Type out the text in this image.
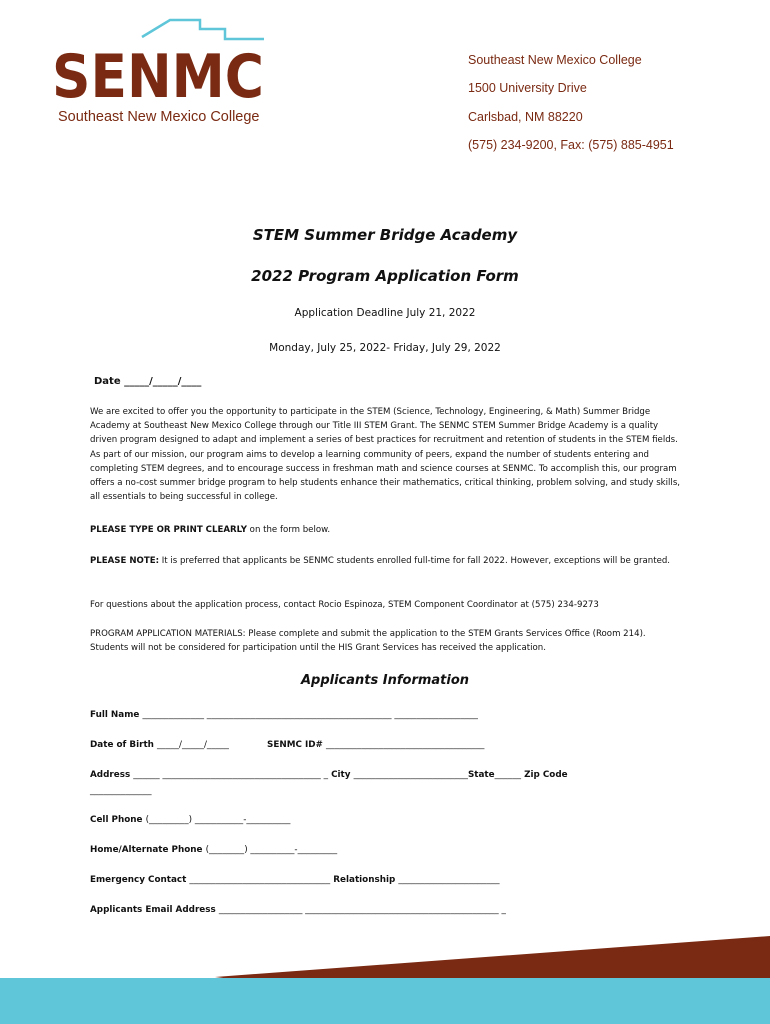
SENMC
Southeast New Mexico College
Southeast New Mexico College
1500 University Drive
Carlsbad, NM 88220
(575) 234-9200, Fax: (575) 885-4951
STEM Summer Bridge Academy
2022 Program Application Form
Application Deadline July 21, 2022
Monday, July 25, 2022- Friday, July 29, 2022
Date _____/_____/____
We are excited to offer you the opportunity to participate in the STEM (Science, Technology, Engineering, & Math) Summer Bridge Academy at Southeast New Mexico College through our Title III STEM Grant. The SENMC STEM Summer Bridge Academy is a quality driven program designed to adapt and implement a series of best practices for recruitment and retention of students in the STEM fields. As part of our mission, our program aims to develop a learning community of peers, expand the number of students entering and completing STEM degrees, and to encourage success in freshman math and science courses at SENMC. To accomplish this, our program offers a no-cost summer bridge program to help students enhance their mathematics, critical thinking, problem solving, and study skills, all essentials to being successful in college.
PLEASE TYPE OR PRINT CLEARLY on the form below.
PLEASE NOTE: It is preferred that applicants be SENMC students enrolled full-time for fall 2022. However, exceptions will be granted.
For questions about the application process, contact Rocio Espinoza, STEM Component Coordinator at (575) 234-9273
PROGRAM APPLICATION MATERIALS: Please complete and submit the application to the STEM Grants Services Office (Room 214). Students will not be considered for participation until the HIS Grant Services has received the application.
Applicants Information
Full Name ______________ __________________________________________ ___________________
Date of Birth _____/_____/_____	SENMC ID# ____________________________________
Address ______ ____________________________________ _ City __________________________State______ Zip Code
______________
Cell Phone (_________) ___________-__________
Home/Alternate Phone (________) __________-_________
Emergency Contact ________________________________ Relationship _______________________
Applicants Email Address ___________________ ____________________________________________ _
